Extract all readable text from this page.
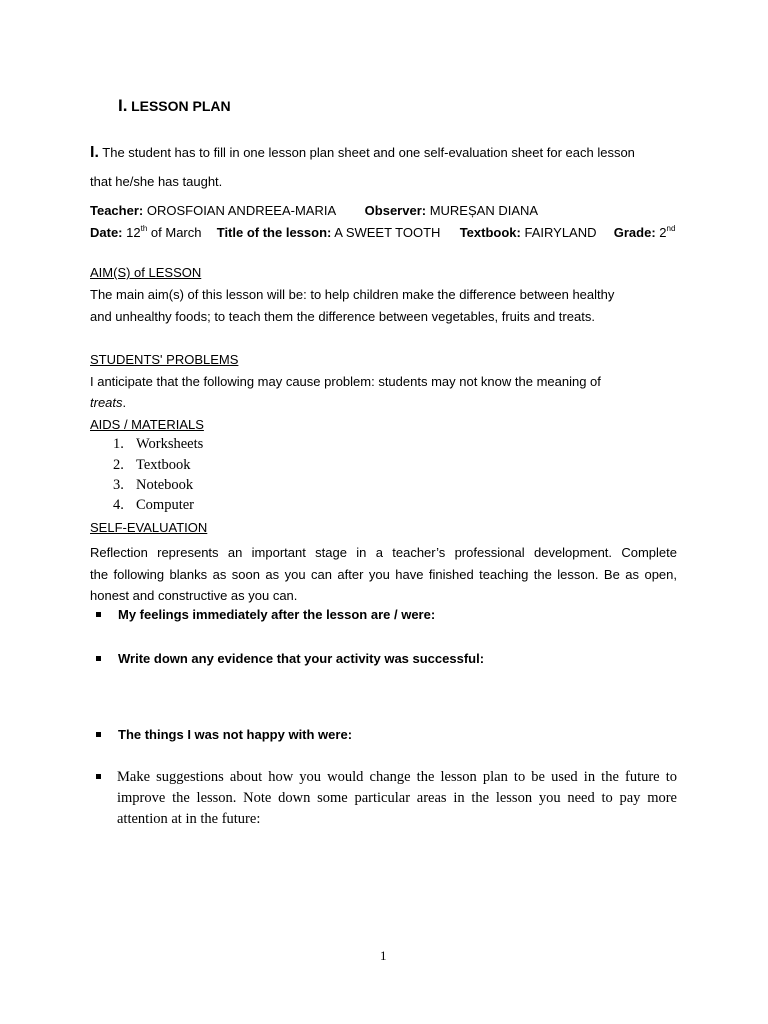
I. LESSON PLAN
I. The student has to fill in one lesson plan sheet and one self-evaluation sheet for each lesson
that he/she has taught.
Teacher: OROSFOIAN ANDREEA-MARIA Observer: MUREȘAN DIANA
Date: 12th of March Title of the lesson: A SWEET TOOTH Textbook: FAIRYLAND Grade: 2nd
AIM(S) of LESSON
The main aim(s) of this lesson will be: to help children make the difference between healthy
and unhealthy foods; to teach them the difference between vegetables, fruits and treats.
STUDENTS' PROBLEMS
I anticipate that the following may cause problem: students may not know the meaning of
treats.
AIDS / MATERIALS
1. Worksheets
2. Textbook
3. Notebook
4. Computer
SELF-EVALUATION
Reflection represents an important stage in a teacher’s professional development. Complete
the following blanks as soon as you can after you have finished teaching the lesson. Be as open,
honest and constructive as you can.
My feelings immediately after the lesson are / were:
Write down any evidence that your activity was successful:
The things I was not happy with were:
Make suggestions about how you would change the lesson plan to be used in the future to
improve the lesson. Note down some particular areas in the lesson you need to pay more
attention at in the future:
1
